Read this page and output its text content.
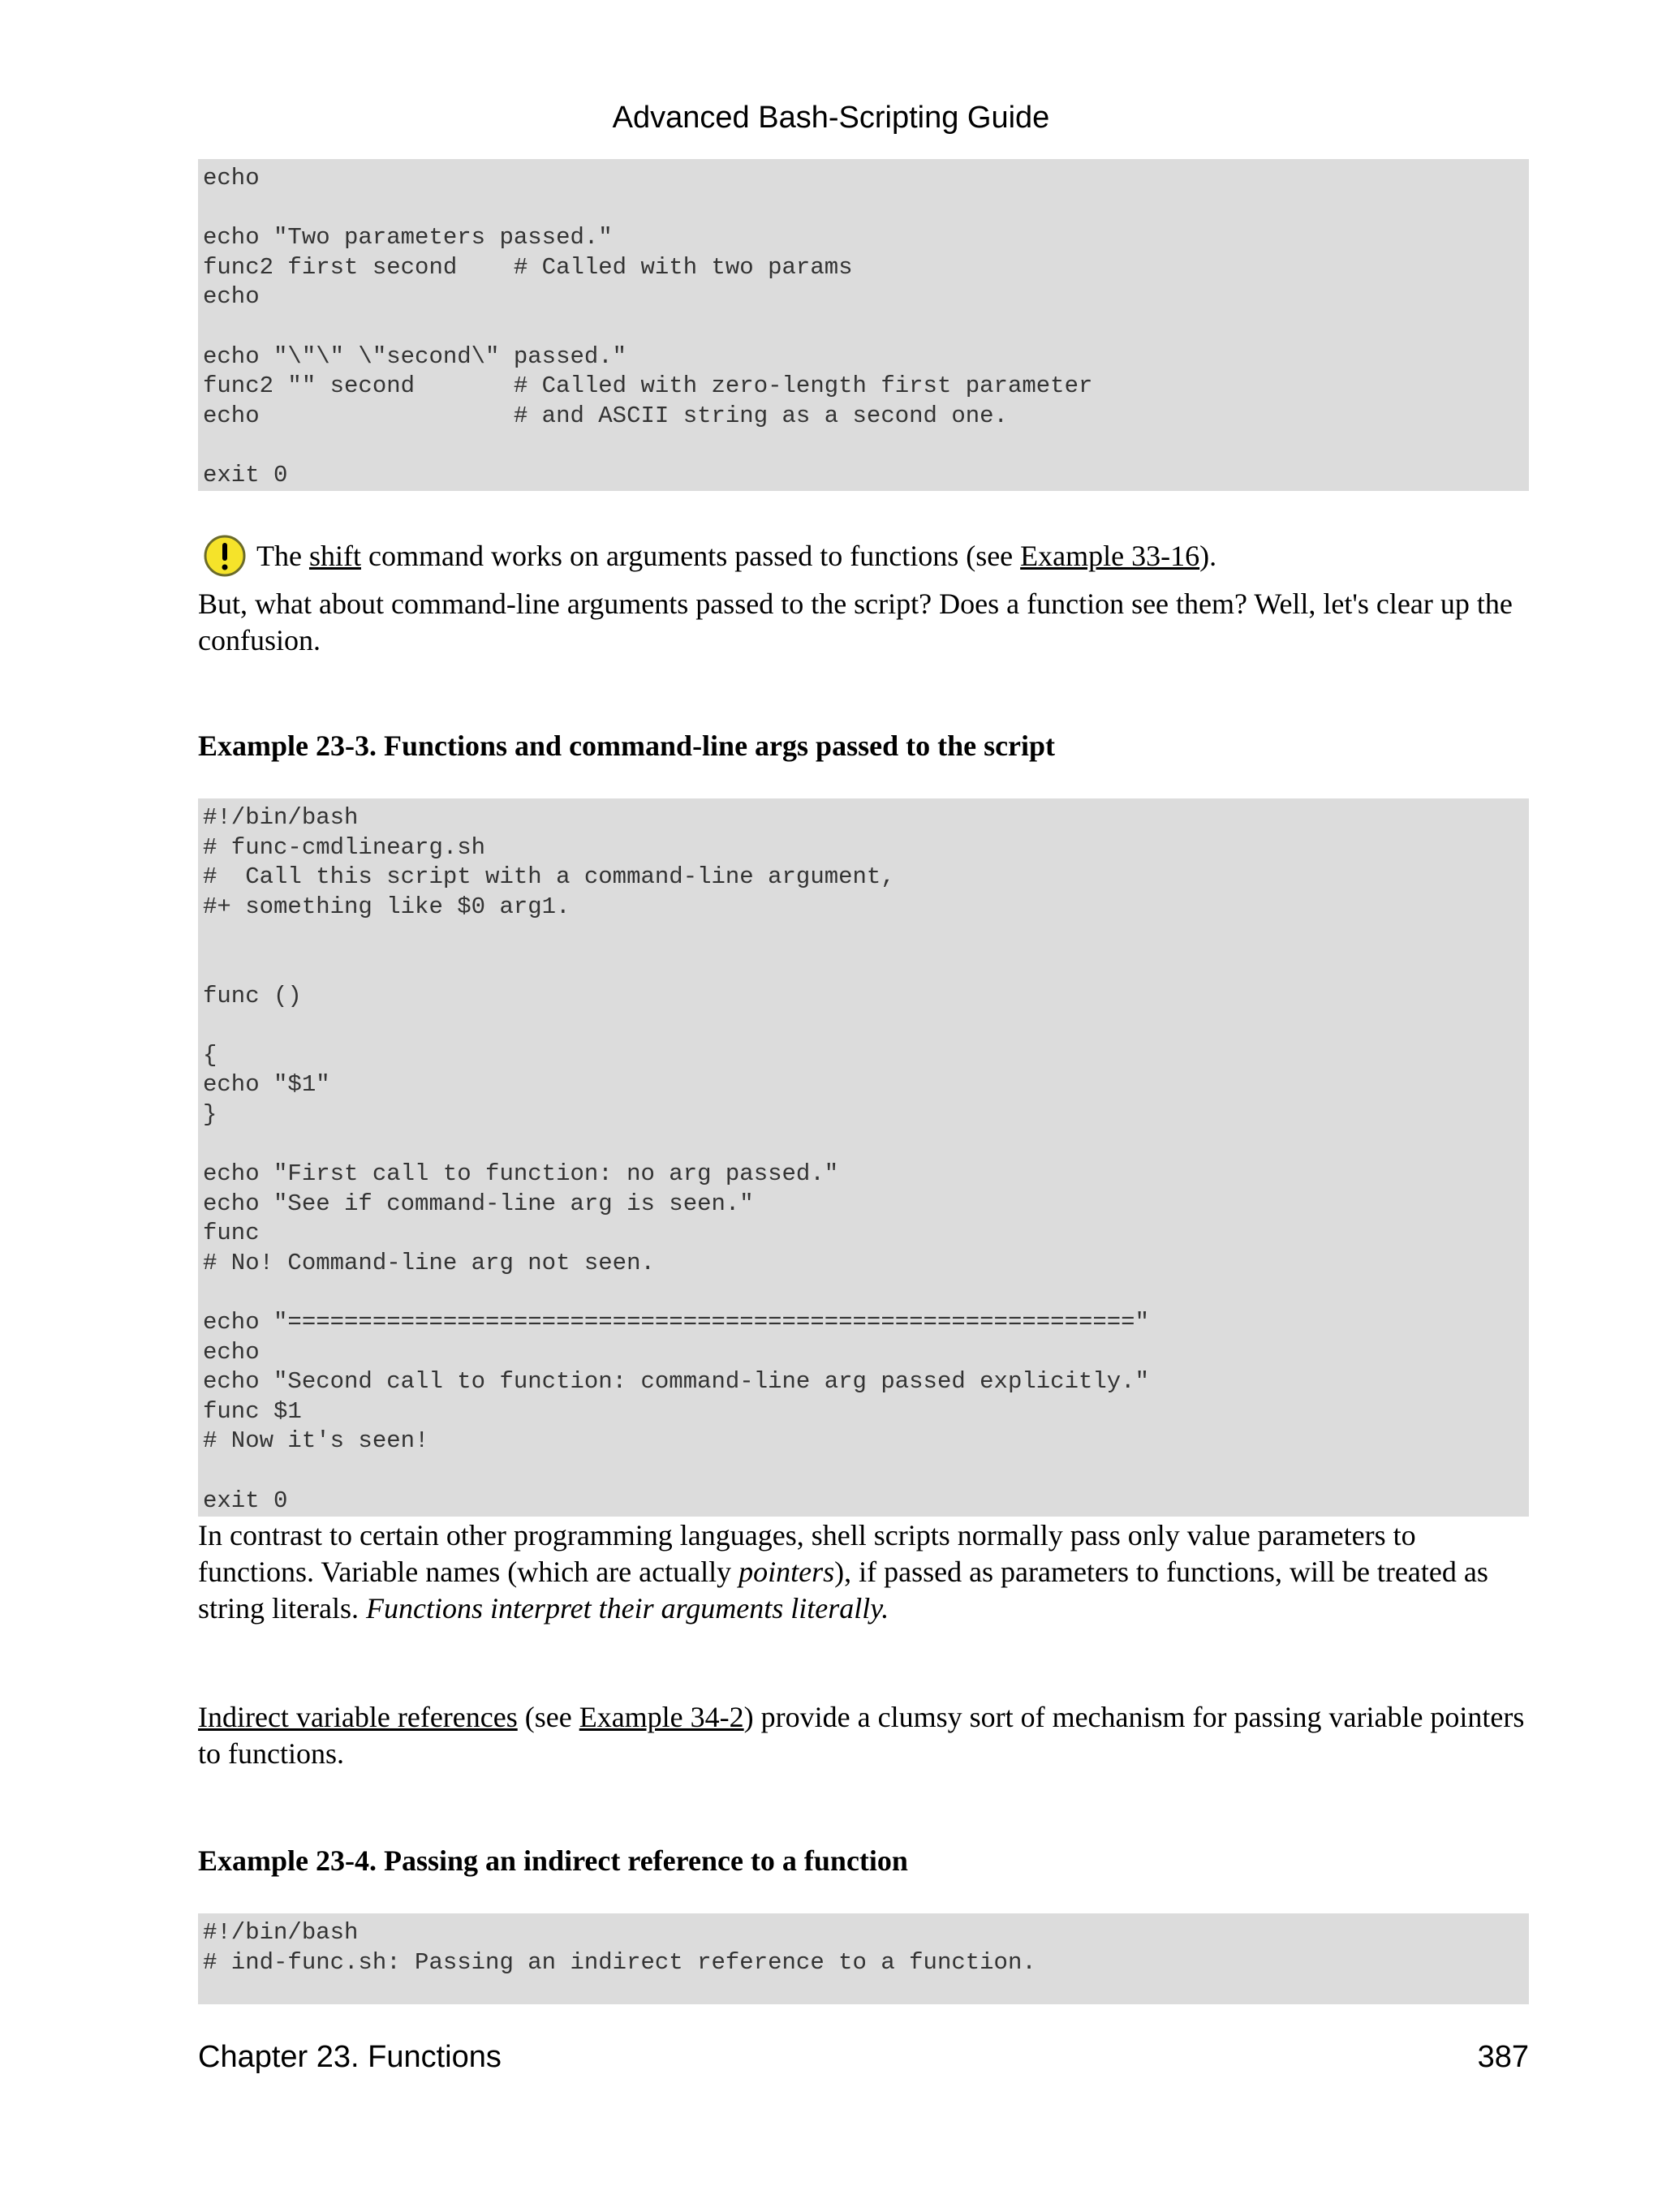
Advanced Bash-Scripting Guide
echo

echo "Two parameters passed."
func2 first second    # Called with two params
echo

echo "\"\" \"second\" passed."
func2 "" second       # Called with zero-length first parameter
echo                  # and ASCII string as a second one.

exit 0
The shift command works on arguments passed to functions (see Example 33-16).
But, what about command-line arguments passed to the script? Does a function see them? Well, let's clear up the confusion.
Example 23-3. Functions and command-line args passed to the script
#!/bin/bash
# func-cmdlinearg.sh
#  Call this script with a command-line argument,
#+ something like $0 arg1.

func ()

{
echo "$1"
}

echo "First call to function: no arg passed."
echo "See if command-line arg is seen."
func
# No! Command-line arg not seen.

echo "============================================================"
echo
echo "Second call to function: command-line arg passed explicitly."
func $1
# Now it's seen!

exit 0
In contrast to certain other programming languages, shell scripts normally pass only value parameters to functions. Variable names (which are actually pointers), if passed as parameters to functions, will be treated as string literals. Functions interpret their arguments literally.
Indirect variable references (see Example 34-2) provide a clumsy sort of mechanism for passing variable pointers to functions.
Example 23-4. Passing an indirect reference to a function
#!/bin/bash
# ind-func.sh: Passing an indirect reference to a function.
Chapter 23. Functions	387
